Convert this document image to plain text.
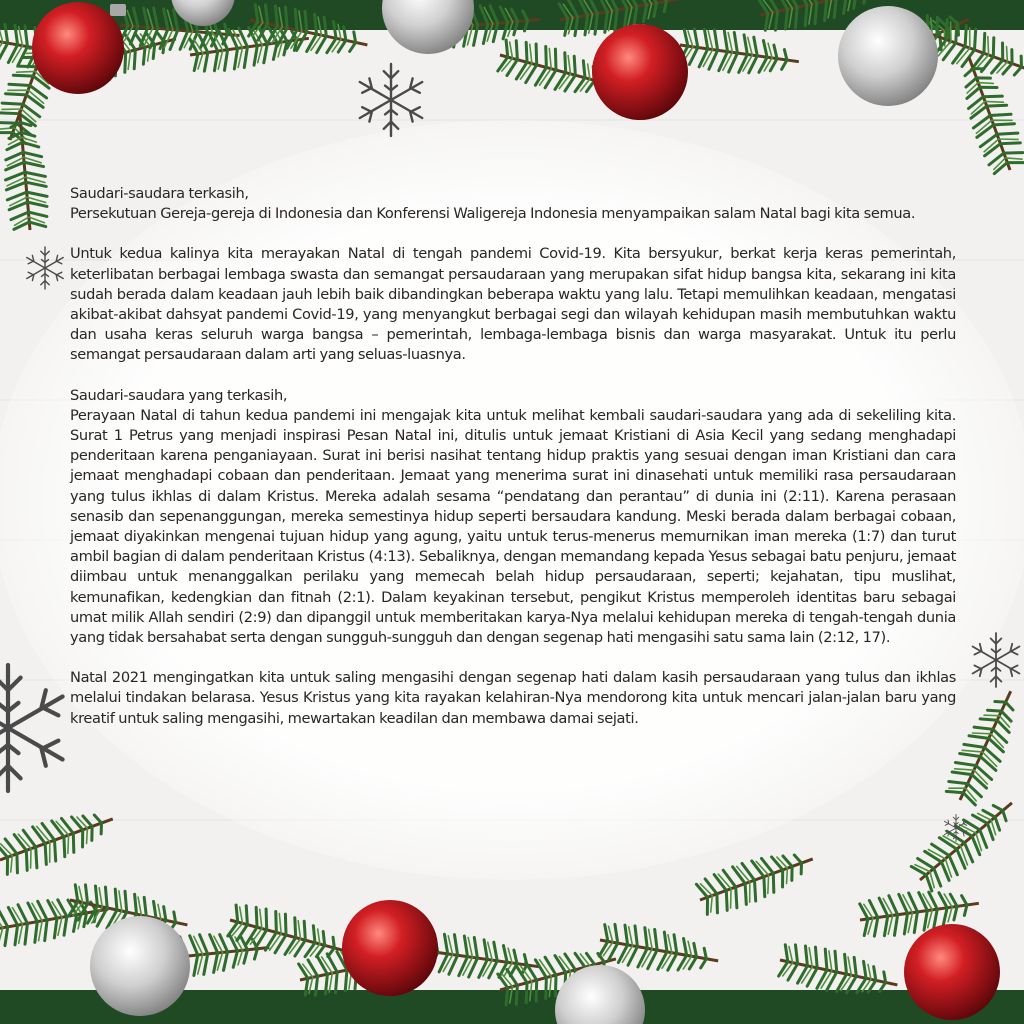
Saudari-saudara terkasih,

Persekutuan Gereja-gereja di Indonesia dan Konferensi Waligereja Indonesia menyampaikan salam Natal bagi kita semua.

Untuk kedua kalinya kita merayakan Natal di tengah pandemi Covid-19. Kita bersyukur, berkat kerja keras pemerintah, keterlibatan berbagai lembaga swasta dan semangat persaudaraan yang merupakan sifat hidup bangsa kita, sekarang ini kita sudah berada dalam keadaan jauh lebih baik dibandingkan beberapa waktu yang lalu. Tetapi memulihkan keadaan, mengatasi akibat-akibat dahsyat pandemi Covid-19, yang menyangkut berbagai segi dan wilayah kehidupan masih membutuhkan waktu dan usaha keras seluruh warga bangsa – pemerintah, lembaga-lembaga bisnis dan warga masyarakat. Untuk itu perlu semangat persaudaraan dalam arti yang seluas-luasnya.

Saudari-saudara yang terkasih,

Perayaan Natal di tahun kedua pandemi ini mengajak kita untuk melihat kembali saudari-saudara yang ada di sekeliling kita. Surat 1 Petrus yang menjadi inspirasi Pesan Natal ini, ditulis untuk jemaat Kristiani di Asia Kecil yang sedang menghadapi penderitaan karena penganiayaan. Surat ini berisi nasihat tentang hidup praktis yang sesuai dengan iman Kristiani dan cara jemaat menghadapi cobaan dan penderitaan. Jemaat yang menerima surat ini dinasehati untuk memiliki rasa persaudaraan yang tulus ikhlas di dalam Kristus. Mereka adalah sesama “pendatang dan perantau” di dunia ini (2:11). Karena perasaan senasib dan sepenanggungan, mereka semestinya hidup seperti bersaudara kandung. Meski berada dalam berbagai cobaan, jemaat diyakinkan mengenai tujuan hidup yang agung, yaitu untuk terus-menerus memurnikan iman mereka (1:7) dan turut ambil bagian di dalam penderitaan Kristus (4:13). Sebaliknya, dengan memandang kepada Yesus sebagai batu penjuru, jemaat diimbau untuk menanggalkan perilaku yang memecah belah hidup persaudaraan, seperti; kejahatan, tipu muslihat, kemunafikan, kedengkian dan fitnah (2:1). Dalam keyakinan tersebut, pengikut Kristus memperoleh identitas baru sebagai umat milik Allah sendiri (2:9) dan dipanggil untuk memberitakan karya-Nya melalui kehidupan mereka di tengah-tengah dunia yang tidak bersahabat serta dengan sungguh-sungguh dan dengan segenap hati mengasihi satu sama lain (2:12, 17).

Natal 2021 mengingatkan kita untuk saling mengasihi dengan segenap hati dalam kasih persaudaraan yang tulus dan ikhlas melalui tindakan belarasa. Yesus Kristus yang kita rayakan kelahiran-Nya mendorong kita untuk mencari jalan-jalan baru yang kreatif untuk saling mengasihi, mewartakan keadilan dan membawa damai sejati.
